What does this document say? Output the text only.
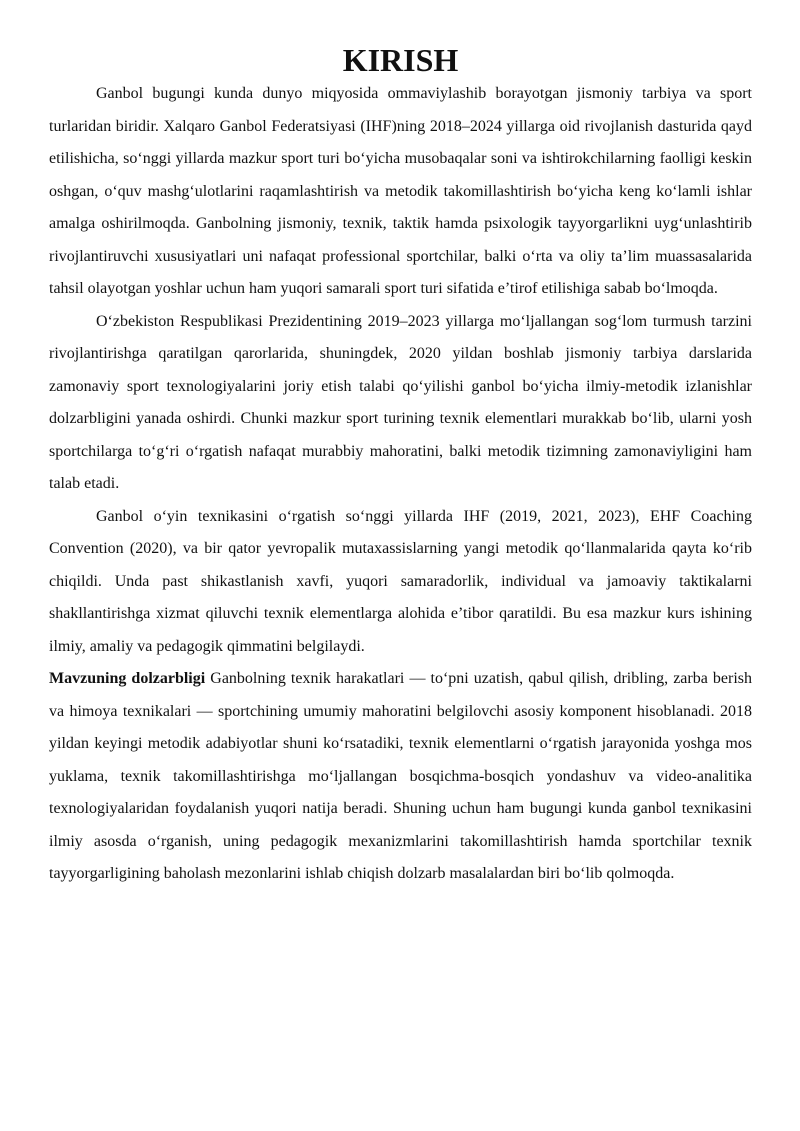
KIRISH

Ganbol bugungi kunda dunyo miqyosida ommaviylashib borayotgan jismoniy tarbiya va sport turlaridan biridir. Xalqaro Ganbol Federatsiyasi (IHF)ning 2018–2024 yillarga oid rivojlanish dasturida qayd etilishicha, so‘nggi yillarda mazkur sport turi bo‘yicha musobaqalar soni va ishtirokchilarning faolligi keskin oshgan, o‘quv mashg‘ulotlarini raqamlashtirish va metodik takomillashtirish bo‘yicha keng ko‘lamli ishlar amalga oshirilmoqda. Ganbolning jismoniy, texnik, taktik hamda psixologik tayyorgarlikni uyg‘unlashtirib rivojlantiruvchi xususiyatlari uni nafaqat professional sportchilar, balki o‘rta va oliy ta’lim muassasalarida tahsil olayotgan yoshlar uchun ham yuqori samarali sport turi sifatida e’tirof etilishiga sabab bo‘lmoqda.

O‘zbekiston Respublikasi Prezidentining 2019–2023 yillarga mo‘ljallangan sog‘lom turmush tarzini rivojlantirishga qaratilgan qarorlarida, shuningdek, 2020 yildan boshlab jismoniy tarbiya darslarida zamonaviy sport texnologiyalarini joriy etish talabi qo‘yilishi ganbol bo‘yicha ilmiy-metodik izlanishlar dolzarbligini yanada oshirdi. Chunki mazkur sport turining texnik elementlari murakkab bo‘lib, ularni yosh sportchilarga to‘g‘ri o‘rgatish nafaqat murabbiy mahoratini, balki metodik tizimning zamonaviyligini ham talab etadi.

Ganbol o‘yin texnikasini o‘rgatish so‘nggi yillarda IHF (2019, 2021, 2023), EHF Coaching Convention (2020), va bir qator yevropalik mutaxassislarning yangi metodik qo‘llanmalarida qayta ko‘rib chiqildi. Unda past shikastlanish xavfi, yuqori samaradorlik, individual va jamoaviy taktikalarni shakllantirishga xizmat qiluvchi texnik elementlarga alohida e’tibor qaratildi. Bu esa mazkur kurs ishining ilmiy, amaliy va pedagogik qimmatini belgilaydi.

Mavzuning dolzarbligi Ganbolning texnik harakatlari — to‘pni uzatish, qabul qilish, dribling, zarba berish va himoya texnikalari — sportchining umumiy mahoratini belgilovchi asosiy komponent hisoblanadi. 2018 yildan keyingi metodik adabiyotlar shuni ko‘rsatadiki, texnik elementlarni o‘rgatish jarayonida yoshga mos yuklama, texnik takomillashtirishga mo‘ljallangan bosqichma-bosqich yondashuv va video-analitika texnologiyalaridan foydalanish yuqori natija beradi. Shuning uchun ham bugungi kunda ganbol texnikasini ilmiy asosda o‘rganish, uning pedagogik mexanizmlarini takomillashtirish hamda sportchilar texnik tayyorgarligining baholash mezonlarini ishlab chiqish dolzarb masalalardan biri bo‘lib qolmoqda.
